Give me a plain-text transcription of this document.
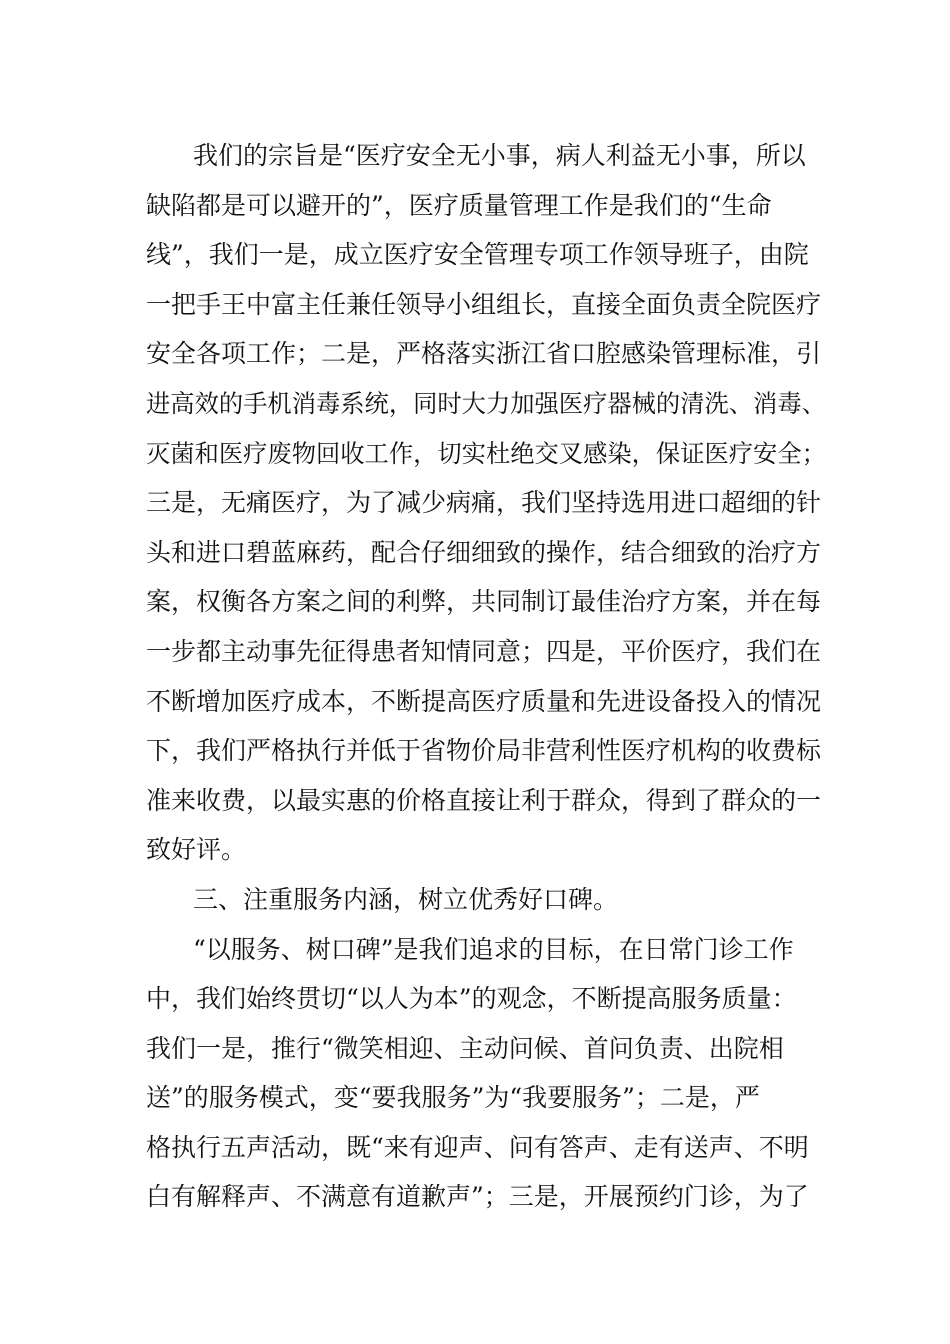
我们的宗旨是“医疗安全无小事，病人利益无小事，所以
缺陷都是可以避开的”，医疗质量管理工作是我们的“生命
线”，我们一是，成立医疗安全管理专项工作领导班子，由院
一把手王中富主任兼任领导小组组长，直接全面负责全院医疗
安全各项工作；二是，严格落实浙江省口腔感染管理标准，引
进高效的手机消毒系统，同时大力加强医疗器械的清洗、消毒、
灭菌和医疗废物回收工作，切实杜绝交叉感染，保证医疗安全；
三是，无痛医疗，为了减少病痛，我们坚持选用进口超细的针
头和进口碧蓝麻药，配合仔细细致的操作，结合细致的治疗方
案，权衡各方案之间的利弊，共同制订最佳治疗方案，并在每
一步都主动事先征得患者知情同意；四是，平价医疗，我们在
不断增加医疗成本，不断提高医疗质量和先进设备投入的情况
下，我们严格执行并低于省物价局非营利性医疗机构的收费标
准来收费，以最实惠的价格直接让利于群众，得到了群众的一
致好评。
三、注重服务内涵，树立优秀好口碑。
“以服务、树口碑”是我们追求的目标，在日常门诊工作
中，我们始终贯切“以人为本”的观念，不断提高服务质量：
我们一是，推行“微笑相迎、主动问候、首问负责、出院相
送”的服务模式，变“要我服务”为“我要服务”；二是，严
格执行五声活动，既“来有迎声、问有答声、走有送声、不明
白有解释声、不满意有道歉声”；三是，开展预约门诊，为了
